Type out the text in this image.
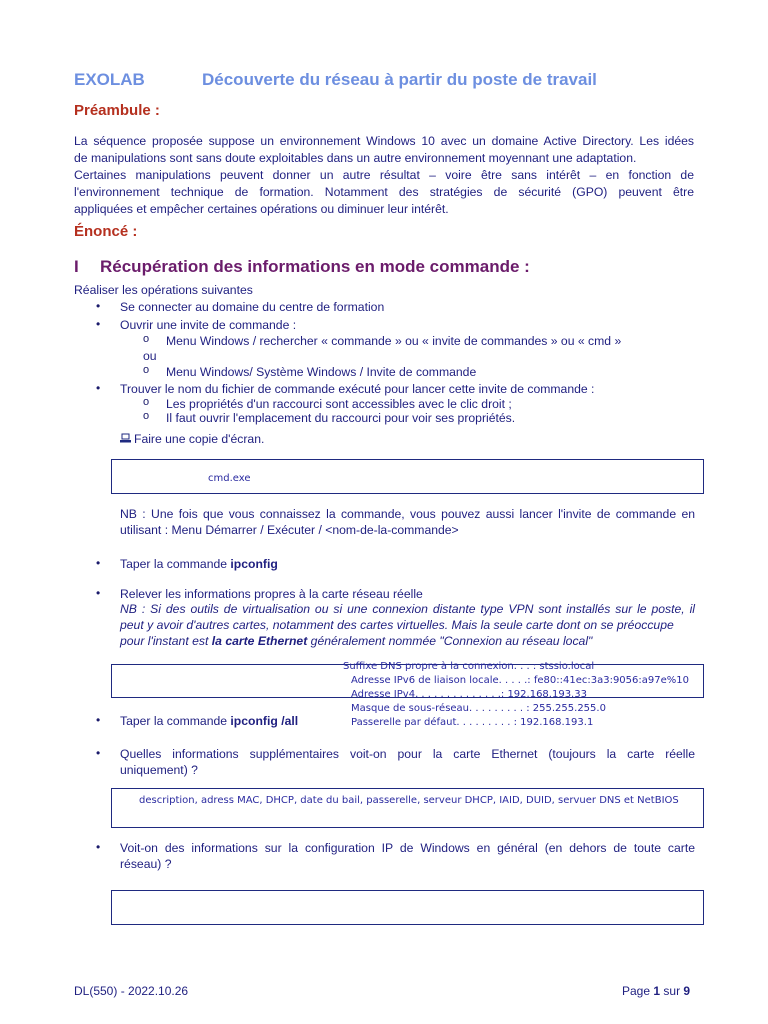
EXOLAB	Découverte du réseau à partir du poste de travail
Préambule :
La séquence proposée suppose un environnement Windows 10 avec un domaine Active Directory. Les idées
de manipulations sont sans doute exploitables dans un autre environnement moyennant une adaptation.
Certaines manipulations peuvent donner un autre résultat – voire être sans intérêt – en fonction de
l'environnement technique de formation. Notamment des stratégies de sécurité (GPO) peuvent être
appliquées et empêcher certaines opérations ou diminuer leur intérêt.
Énoncé :
I Récupération des informations en mode commande :
Réaliser les opérations suivantes
• Se connecter au domaine du centre de formation
• Ouvrir une invite de commande :
o Menu Windows / rechercher « commande » ou « invite de commandes » ou « cmd »
ou
o Menu Windows/ Système Windows / Invite de commande
• Trouver le nom du fichier de commande exécuté pour lancer cette invite de commande :
o Les propriétés d'un raccourci sont accessibles avec le clic droit ;
o Il faut ouvrir l'emplacement du raccourci pour voir ses propriétés.
Faire une copie d'écran.
cmd.exe
NB : Une fois que vous connaissez la commande, vous pouvez aussi lancer l'invite de commande en
utilisant : Menu Démarrer / Exécuter / <nom-de-la-commande>
• Taper la commande ipconfig
• Relever les informations propres à la carte réseau réelle
NB : Si des outils de virtualisation ou si une connexion distante type VPN sont installés sur le poste, il
peut y avoir d'autres cartes, notamment des cartes virtuelles. Mais la seule carte dont on se préoccupe
pour l'instant est la carte Ethernet généralement nommée "Connexion au réseau local"
Suffixe DNS propre à la connexion. . . : stssio.local
Adresse IPv6 de liaison locale. . . . .: fe80::41ec:3a3:9056:a97e%10
Adresse IPv4. . . . . . . . . . . . . .: 192.168.193.33
Masque de sous-réseau. . . . . . . . . : 255.255.255.0
Passerelle par défaut. . . . . . . . . : 192.168.193.1
• Taper la commande ipconfig /all
• Quelles informations supplémentaires voit-on pour la carte Ethernet (toujours la carte réelle
uniquement) ?
description, adress MAC, DHCP, date du bail, passerelle, serveur DHCP, IAID, DUID, servuer DNS et NetBIOS
• Voit-on des informations sur la configuration IP de Windows en général (en dehors de toute carte
réseau) ?
DL(550) - 2022.10.26	Page 1 sur 9
